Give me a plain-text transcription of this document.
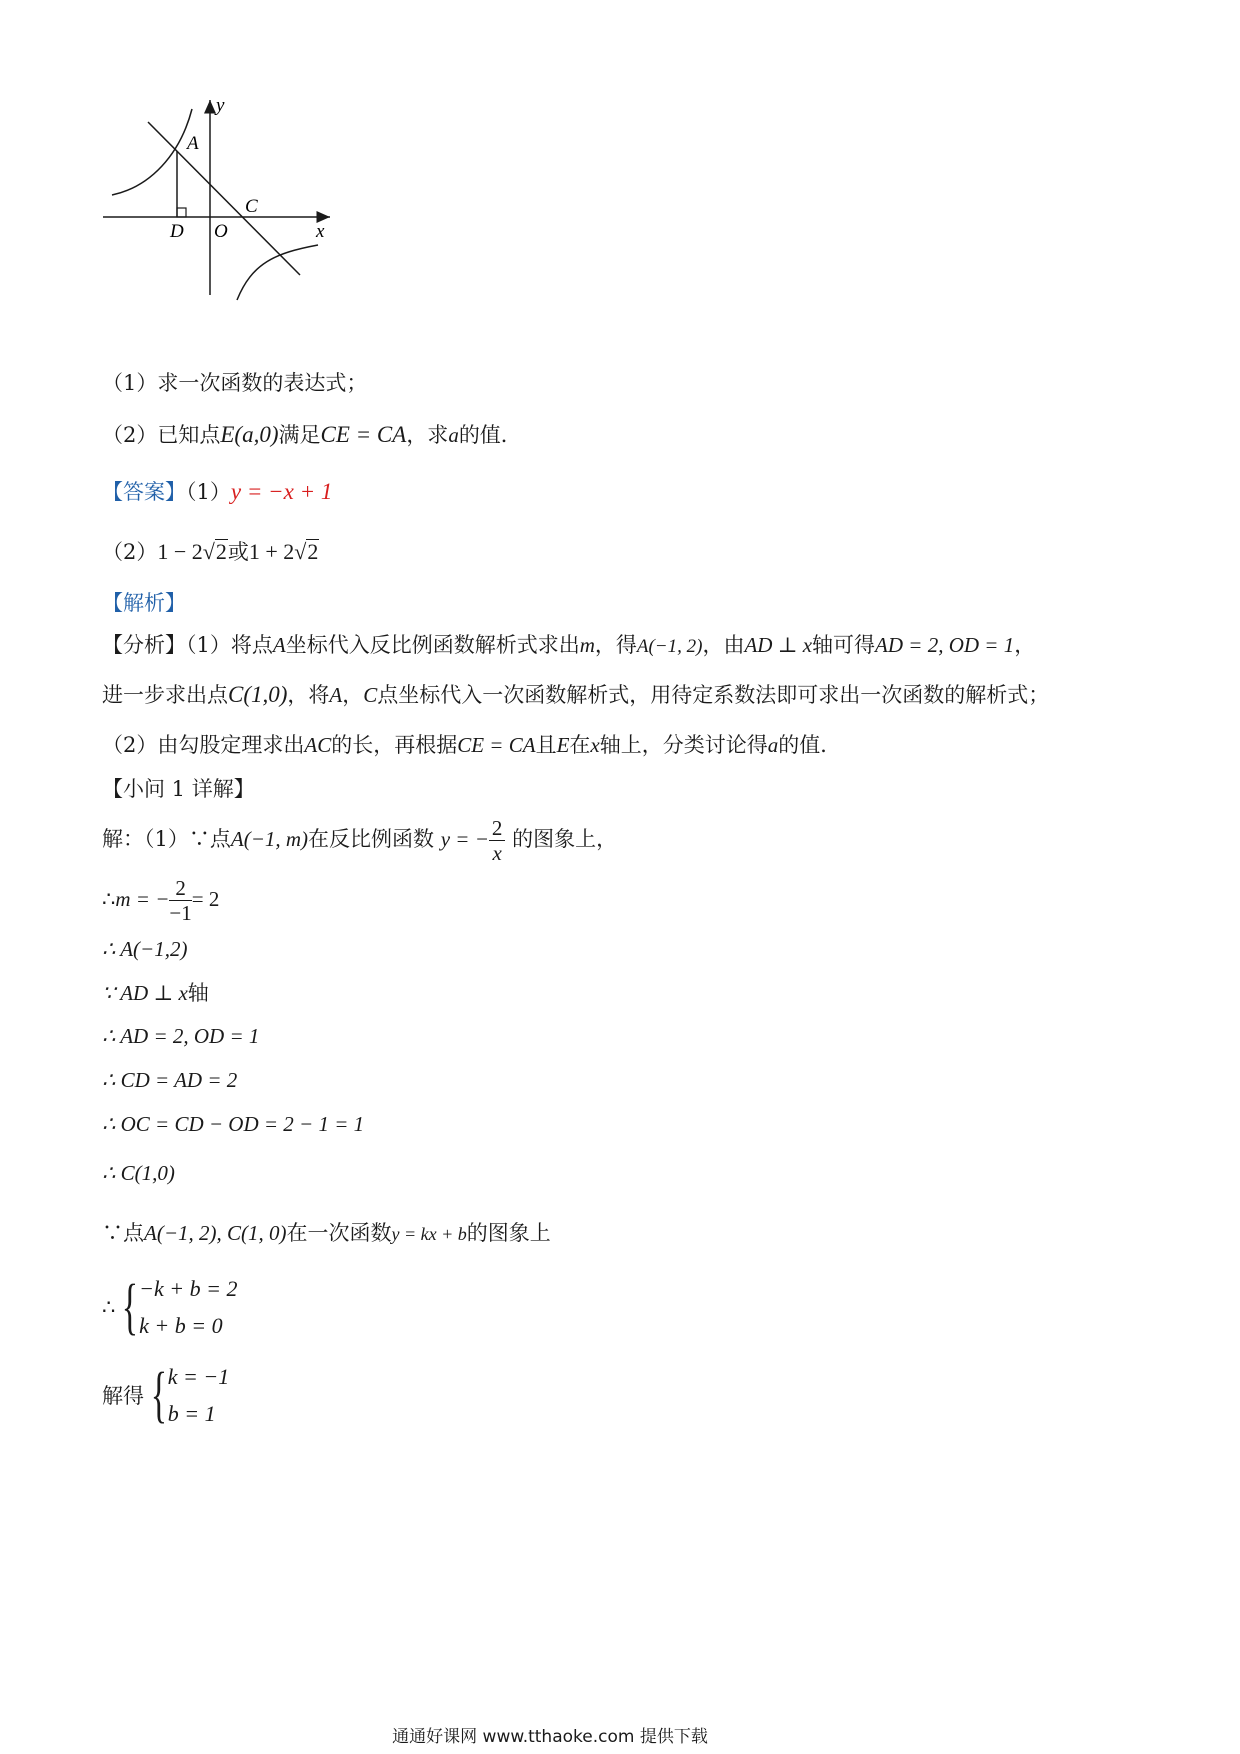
y
A
C
D O	x
（1）求一次函数的表达式；
（2）已知点E(a,0)满足CE = CA，求a的值．
【答案】（1）y = −x + 1
（2）1 − 2√2或1 + 2√2
【解析】
【分析】（1）将点A坐标代入反比例函数解析式求出m，得A(−1, 2)，由AD ⊥ x轴可得AD = 2, OD = 1，
进一步求出点C(1,0)，将A，C点坐标代入一次函数解析式，用待定系数法即可求出一次函数的解析式；
（2）由勾股定理求出AC的长，再根据CE = CA且E在x轴上，分类讨论得a的值．
【小问 1 详解】
解：（1）∵点A(−1, m)在反比例函数 y = − $\frac{2}{x}$ 的图象上，
∴m = − $\frac{2}{-1} = 2$
∴ A(−1,2)
∵ AD ⊥ x轴
∴ AD = 2, OD = 1
∴ CD = AD = 2
∴ OC = CD − OD = 2 − 1 = 1
∴ C(1,0)
∵点A(−1, 2), C(1, 0)在一次函数y = kx + b的图象上
∴ { −k + b = 2
k + b = 0
解得 { k = −1
b = 1
通通好课网 www.tthaoke.com 提供下载
